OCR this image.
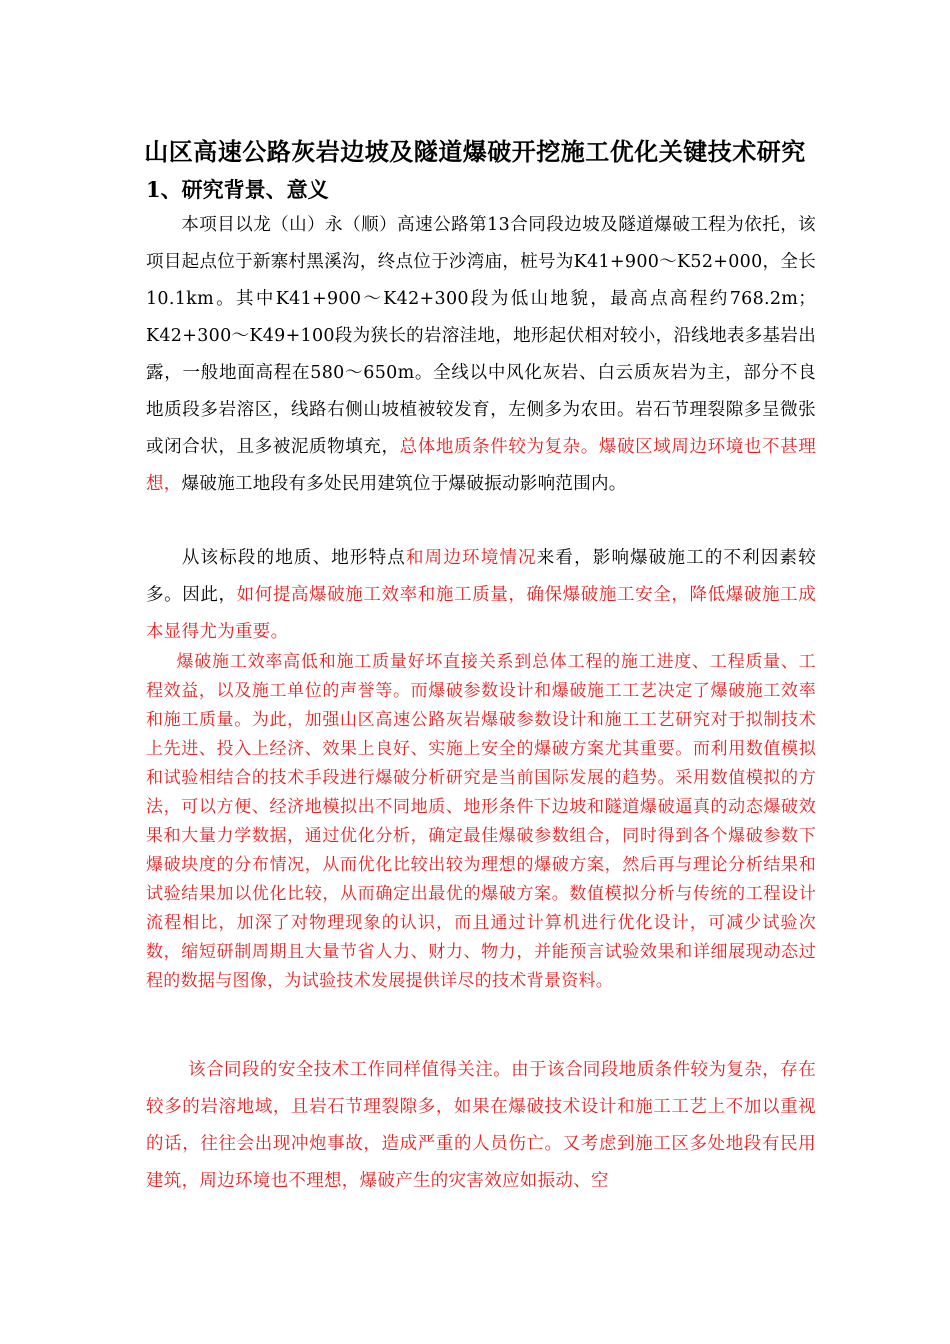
山区高速公路灰岩边坡及隧道爆破开挖施工优化关键技术研究
1、研究背景、意义

本项目以龙（山）永（顺）高速公路第13合同段边坡及隧道爆破工程为依托，该项目起点位于新寨村黑溪沟，终点位于沙湾庙，桩号为K41+900～K52+000，全长10.1km。其中K41+900～K42+300段为低山地貌，最高点高程约768.2m；K42+300～K49+100段为狭长的岩溶洼地，地形起伏相对较小，沿线地表多基岩出露，一般地面高程在580～650m。全线以中风化灰岩、白云质灰岩为主，部分不良地质段多岩溶区，线路右侧山坡植被较发育，左侧多为农田。岩石节理裂隙多呈微张或闭合状，且多被泥质物填充，总体地质条件较为复杂。爆破区域周边环境也不甚理想，爆破施工地段有多处民用建筑位于爆破振动影响范围内。

从该标段的地质、地形特点和周边环境情况来看，影响爆破施工的不利因素较多。因此，如何提高爆破施工效率和施工质量，确保爆破施工安全，降低爆破施工成本显得尤为重要。

爆破施工效率高低和施工质量好坏直接关系到总体工程的施工进度、工程质量、工程效益，以及施工单位的声誉等。而爆破参数设计和爆破施工工艺决定了爆破施工效率和施工质量。为此，加强山区高速公路灰岩爆破参数设计和施工工艺研究对于拟制技术上先进、投入上经济、效果上良好、实施上安全的爆破方案尤其重要。而利用数值模拟和试验相结合的技术手段进行爆破分析研究是当前国际发展的趋势。采用数值模拟的方法，可以方便、经济地模拟出不同地质、地形条件下边坡和隧道爆破逼真的动态爆破效果和大量力学数据，通过优化分析，确定最佳爆破参数组合，同时得到各个爆破参数下爆破块度的分布情况，从而优化比较出较为理想的爆破方案，然后再与理论分析结果和试验结果加以优化比较，从而确定出最优的爆破方案。数值模拟分析与传统的工程设计流程相比，加深了对物理现象的认识，而且通过计算机进行优化设计，可减少试验次数，缩短研制周期且大量节省人力、财力、物力，并能预言试验效果和详细展现动态过程的数据与图像，为试验技术发展提供详尽的技术背景资料。

该合同段的安全技术工作同样值得关注。由于该合同段地质条件较为复杂，存在较多的岩溶地域，且岩石节理裂隙多，如果在爆破技术设计和施工工艺上不加以重视的话，往往会出现冲炮事故，造成严重的人员伤亡。又考虑到施工区多处地段有民用建筑，周边环境也不理想，爆破产生的灾害效应如振动、空
